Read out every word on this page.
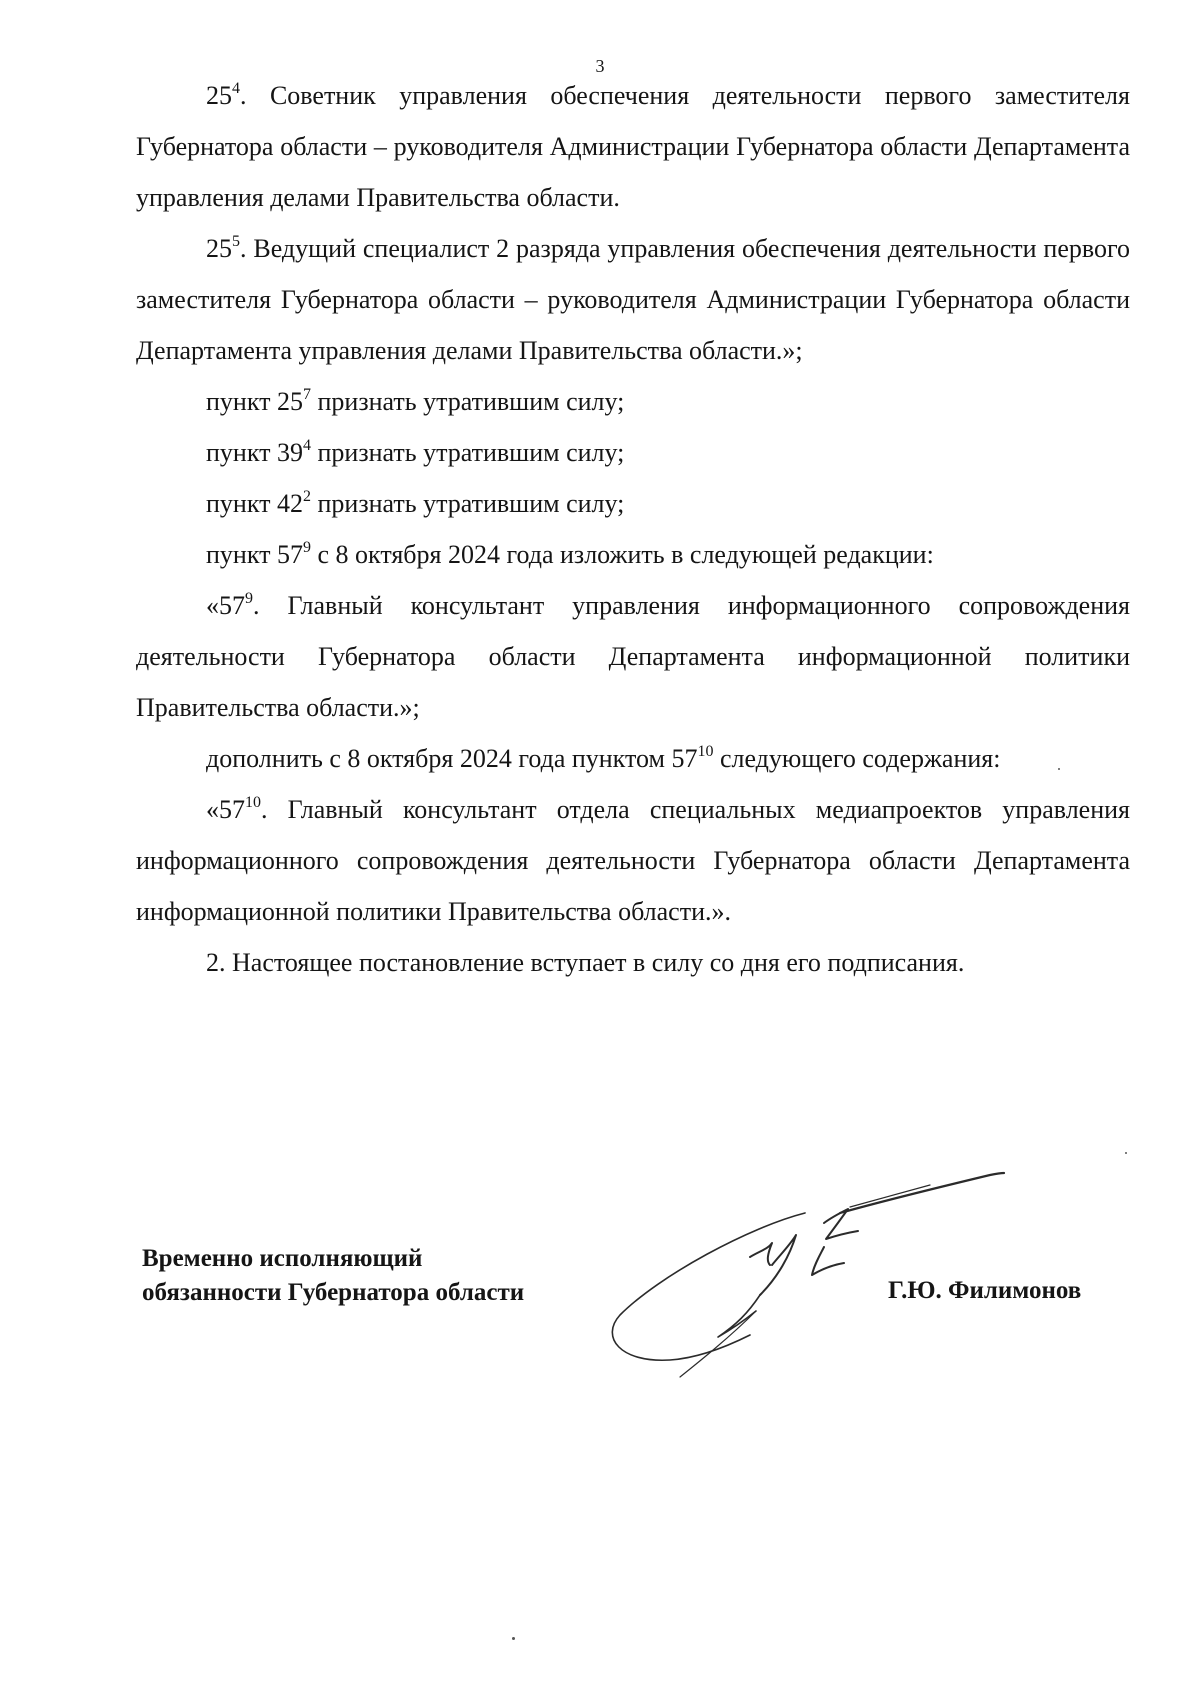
3

$25^4$. Советник управления обеспечения деятельности первого заместителя Губернатора области – руководителя Администрации Губернатора области Департамента управления делами Правительства области.

$25^5$. Ведущий специалист 2 разряда управления обеспечения деятельности первого заместителя Губернатора области – руководителя Администрации Губернатора области Департамента управления делами Правительства области.»;

пункт $25^7$ признать утратившим силу;

пункт $39^4$ признать утратившим силу;

пункт $42^2$ признать утратившим силу;

пункт $57^9$ с 8 октября 2024 года изложить в следующей редакции:

«$57^9$. Главный консультант управления информационного сопровождения деятельности Губернатора области Департамента информационной политики Правительства области.»;

дополнить с 8 октября 2024 года пунктом $57^{10}$ следующего содержания:

«$57^{10}$. Главный консультант отдела специальных медиапроектов управления информационного сопровождения деятельности Губернатора области Департамента информационной политики Правительства области.».

2. Настоящее постановление вступает в силу со дня его подписания.

Временно исполняющий
обязанности Губернатора области	Г.Ю. Филимонов
